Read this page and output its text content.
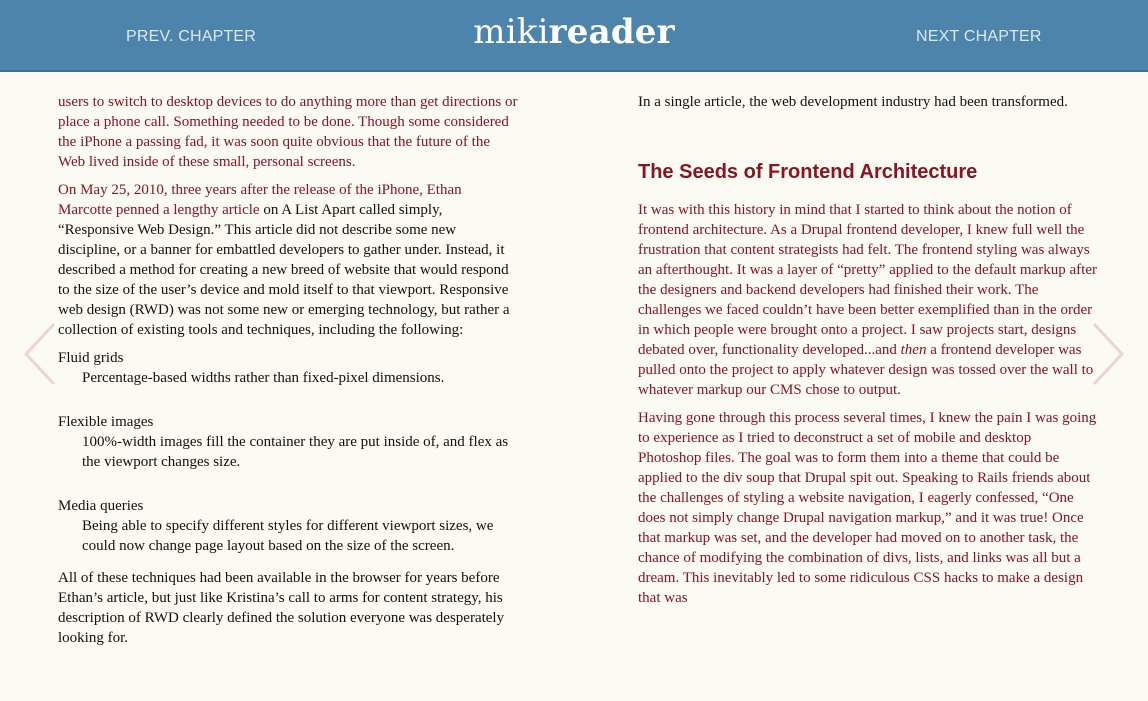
PREV. CHAPTER	mikireader	NEXT CHAPTER

users to switch to desktop devices to do anything more than get directions or place a phone call. Something needed to be done. Though some considered the iPhone a passing fad, it was soon quite obvious that the future of the Web lived inside of these small, personal screens.

On May 25, 2010, three years after the release of the iPhone, Ethan Marcotte penned a lengthy article on A List Apart called simply, “Responsive Web Design.” This article did not describe some new discipline, or a banner for embattled developers to gather under. Instead, it described a method for creating a new breed of website that would respond to the size of the user’s device and mold itself to that viewport. Responsive web design (RWD) was not some new or emerging technology, but rather a collection of existing tools and techniques, including the following:

Fluid grids
Percentage-based widths rather than fixed-pixel dimensions.
Flexible images
100%-width images fill the container they are put inside of, and flex as the viewport changes size.
Media queries
Being able to specify different styles for different viewport sizes, we could now change page layout based on the size of the screen.

All of these techniques had been available in the browser for years before Ethan’s article, but just like Kristina’s call to arms for content strategy, his description of RWD clearly defined the solution everyone was desperately looking for.

In a single article, the web development industry had been transformed.

The Seeds of Frontend Architecture

It was with this history in mind that I started to think about the notion of frontend architecture. As a Drupal frontend developer, I knew full well the frustration that content strategists had felt. The frontend styling was always an afterthought. It was a layer of “pretty” applied to the default markup after the designers and backend developers had finished their work. The challenges we faced couldn’t have been better exemplified than in the order in which people were brought onto a project. I saw projects start, designs debated over, functionality developed...and then a frontend developer was pulled onto the project to apply whatever design was tossed over the wall to whatever markup our CMS chose to output.

Having gone through this process several times, I knew the pain I was going to experience as I tried to deconstruct a set of mobile and desktop Photoshop files. The goal was to form them into a theme that could be applied to the div soup that Drupal spit out. Speaking to Rails friends about the challenges of styling a website navigation, I eagerly confessed, “One does not simply change Drupal navigation markup,” and it was true! Once that markup was set, and the developer had moved on to another task, the chance of modifying the combination of divs, lists, and links was all but a dream. This inevitably led to some ridiculous CSS hacks to make a design that was
